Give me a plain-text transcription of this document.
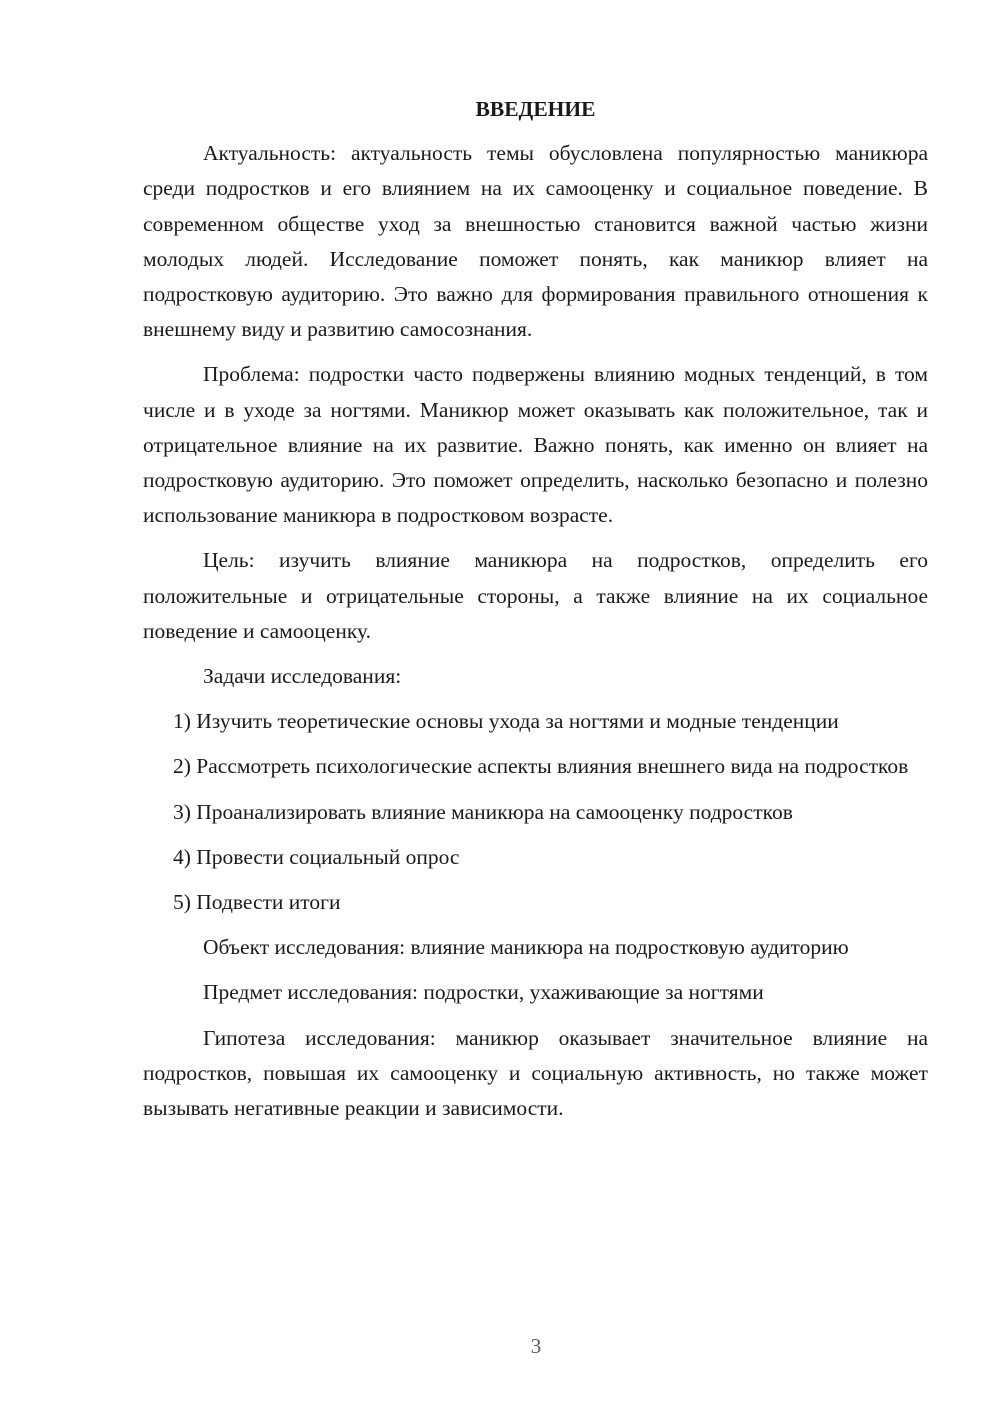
ВВЕДЕНИЕ

Актуальность: актуальность темы обусловлена популярностью маникюра среди подростков и его влиянием на их самооценку и социальное поведение. В современном обществе уход за внешностью становится важной частью жизни молодых людей. Исследование поможет понять, как маникюр влияет на подростковую аудиторию. Это важно для формирования правильного отношения к внешнему виду и развитию самосознания.

Проблема: подростки часто подвержены влиянию модных тенденций, в том числе и в уходе за ногтями. Маникюр может оказывать как положительное, так и отрицательное влияние на их развитие. Важно понять, как именно он влияет на подростковую аудиторию. Это поможет определить, насколько безопасно и полезно использование маникюра в подростковом возрасте.

Цель: изучить влияние маникюра на подростков, определить его положительные и отрицательные стороны, а также влияние на их социальное поведение и самооценку.

Задачи исследования:

1) Изучить теоретические основы ухода за ногтями и модные тенденции

2) Рассмотреть психологические аспекты влияния внешнего вида на подростков

3) Проанализировать влияние маникюра на самооценку подростков

4) Провести социальный опрос

5) Подвести итоги

Объект исследования: влияние маникюра на подростковую аудиторию

Предмет исследования: подростки, ухаживающие за ногтями

Гипотеза исследования: маникюр оказывает значительное влияние на подростков, повышая их самооценку и социальную активность, но также может вызывать негативные реакции и зависимости.

3
